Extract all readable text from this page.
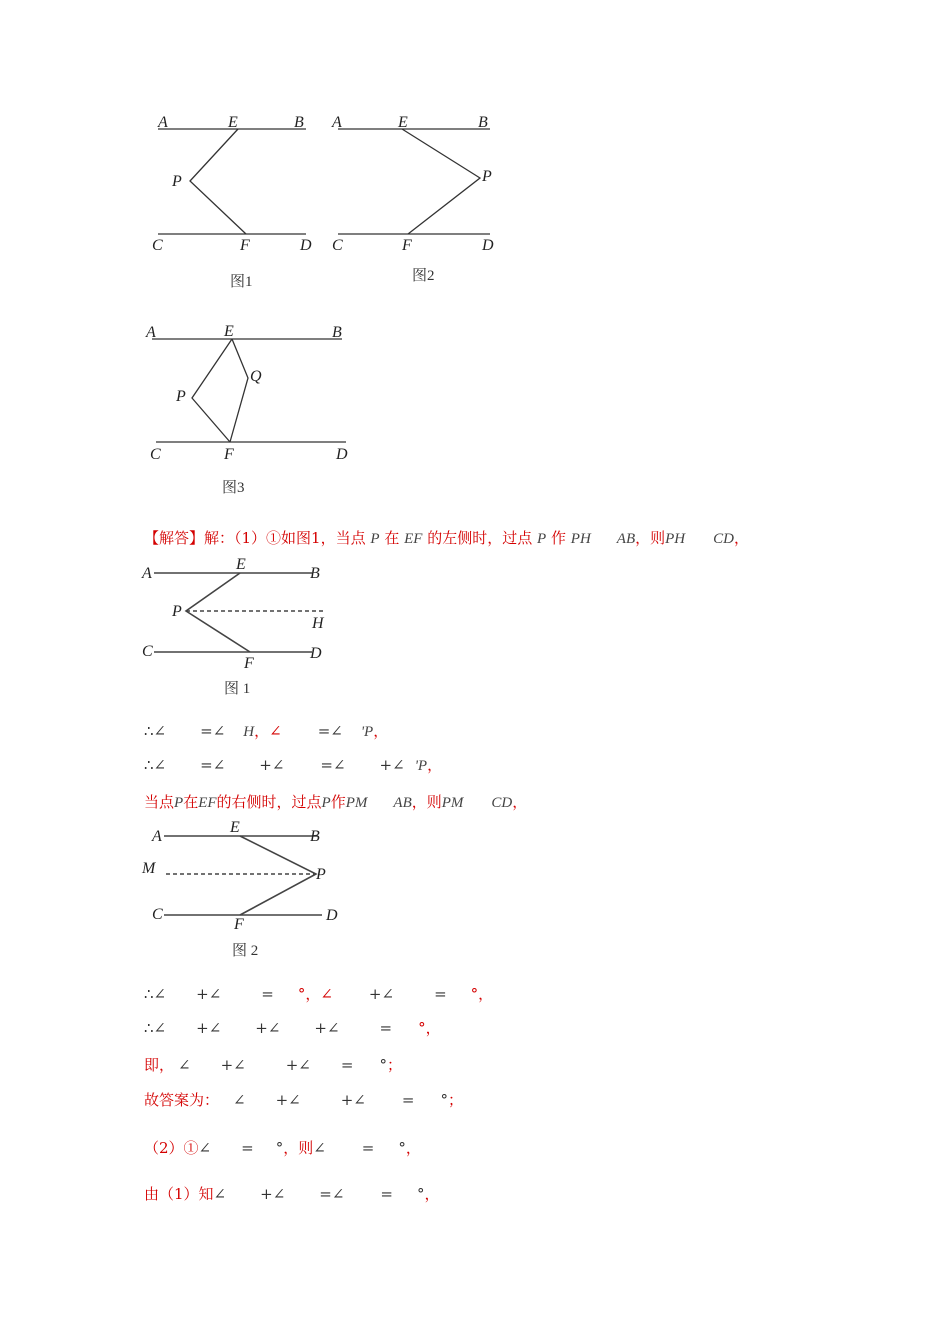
A	E	B
P
C	F	D
图1
A	E	B
P
C	F	D
图2
A	E	B
P
Q
C	F	D
图3
【解答】解：（1）①如图1，当点 P 在 EF 的左侧时，过点 P 作 PH AB，则PH CD，
A
E
B
P
H
C
F
D
图 1
∴∠ =∠ H，∠ =∠ 'P，
∴∠ =∠ +∠ =∠ +∠ 'P，
当点P在EF的右侧时，过点P作PM AB，则PM CD，
A
E
B
M	P
C
F
D
图 2
∴∠ +∠	= °，∠ +∠	= °，
∴∠ +∠ +∠ +∠	= °，
即， ∠ +∠	+∠ = °；
故答案为： ∠ +∠	+∠ = °；
（2）①∠ = °，则∠ = °，
由（1）知∠ +∠ =∠ = °，
